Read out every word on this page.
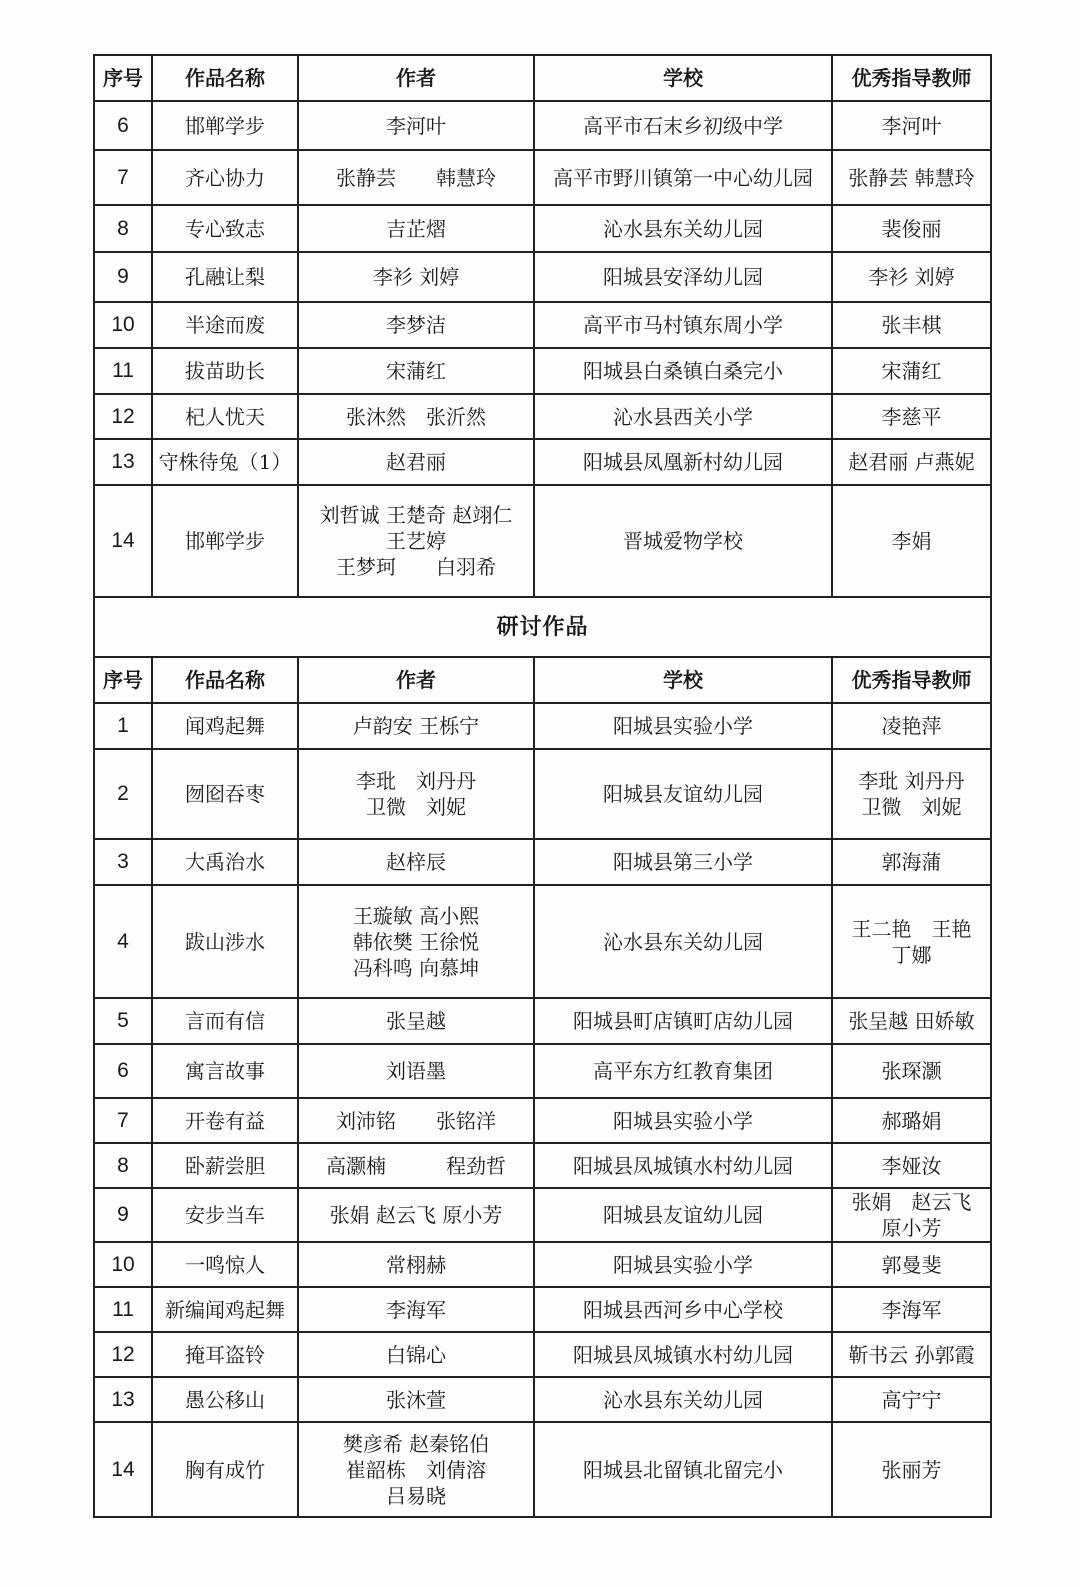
序号	作品名称	作者	学校	优秀指导教师
6	邯郸学步	李河叶	高平市石末乡初级中学	李河叶
7	齐心协力	张静芸　　韩慧玲	高平市野川镇第一中心幼儿园	张静芸 韩慧玲
8	专心致志	吉芷熠	沁水县东关幼儿园	裴俊丽
9	孔融让梨	李衫 刘婷	阳城县安泽幼儿园	李衫 刘婷
10	半途而废	李梦洁	高平市马村镇东周小学	张丰棋
11	拔苗助长	宋蒲红	阳城县白桑镇白桑完小	宋蒲红
12	杞人忧天	张沐然　张沂然	沁水县西关小学	李慈平
13	守株待兔（1）	赵君丽	阳城县凤凰新村幼儿园	赵君丽 卢燕妮
14	邯郸学步	刘哲诚 王楚奇 赵翊仁
王艺婷
王梦珂　　白羽希	晋城爱物学校	李娟
研讨作品				
序号	作品名称	作者	学校	优秀指导教师
1	闻鸡起舞	卢韵安 王栎宁	阳城县实验小学	凌艳萍
2	囫囵吞枣	李玭　刘丹丹
卫微　刘妮	阳城县友谊幼儿园	李玭 刘丹丹
卫微　刘妮
3	大禹治水	赵梓辰	阳城县第三小学	郭海蒲
4	跋山涉水	王璇敏 高小熙
韩依樊 王徐悦
冯科鸣 向慕坤	沁水县东关幼儿园	王二艳　王艳
丁娜
5	言而有信	张呈越	阳城县町店镇町店幼儿园	张呈越 田娇敏
6	寓言故事	刘语墨	高平东方红教育集团	张琛灏
7	开卷有益	刘沛铭　　张铭洋	阳城县实验小学	郝璐娟
8	卧薪尝胆	高灏楠　　　程劲哲	阳城县凤城镇水村幼儿园	李娅汝
9	安步当车	张娟 赵云飞 原小芳	阳城县友谊幼儿园	张娟　赵云飞
原小芳
10	一鸣惊人	常栩赫	阳城县实验小学	郭曼斐
11	新编闻鸡起舞	李海军	阳城县西河乡中心学校	李海军
12	掩耳盗铃	白锦心	阳城县凤城镇水村幼儿园	靳书云 孙郭霞
13	愚公移山	张沐萱	沁水县东关幼儿园	高宁宁
14	胸有成竹	樊彦希 赵秦铭伯
崔韶栋　刘倩溶
吕易晓	阳城县北留镇北留完小	张丽芳
